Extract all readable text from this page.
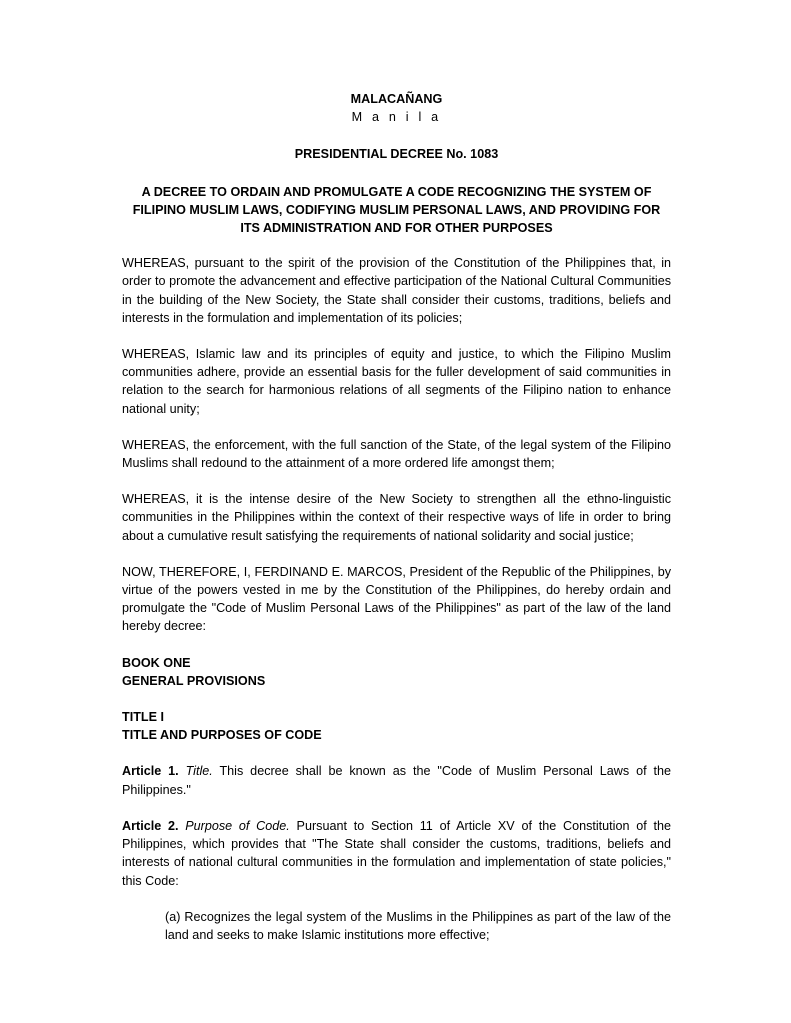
MALACAÑANG

M a n i l a

PRESIDENTIAL DECREE No. 1083

A DECREE TO ORDAIN AND PROMULGATE A CODE RECOGNIZING THE SYSTEM OF FILIPINO MUSLIM LAWS, CODIFYING MUSLIM PERSONAL LAWS, AND PROVIDING FOR ITS ADMINISTRATION AND FOR OTHER PURPOSES

WHEREAS, pursuant to the spirit of the provision of the Constitution of the Philippines that, in order to promote the advancement and effective participation of the National Cultural Communities in the building of the New Society, the State shall consider their customs, traditions, beliefs and interests in the formulation and implementation of its policies;

WHEREAS, Islamic law and its principles of equity and justice, to which the Filipino Muslim communities adhere, provide an essential basis for the fuller development of said communities in relation to the search for harmonious relations of all segments of the Filipino nation to enhance national unity;

WHEREAS, the enforcement, with the full sanction of the State, of the legal system of the Filipino Muslims shall redound to the attainment of a more ordered life amongst them;

WHEREAS, it is the intense desire of the New Society to strengthen all the ethno-linguistic communities in the Philippines within the context of their respective ways of life in order to bring about a cumulative result satisfying the requirements of national solidarity and social justice;

NOW, THEREFORE, I, FERDINAND E. MARCOS, President of the Republic of the Philippines, by virtue of the powers vested in me by the Constitution of the Philippines, do hereby ordain and promulgate the "Code of Muslim Personal Laws of the Philippines" as part of the law of the land hereby decree:

BOOK ONE

GENERAL PROVISIONS

TITLE I

TITLE AND PURPOSES OF CODE

Article 1. Title. This decree shall be known as the "Code of Muslim Personal Laws of the Philippines."

Article 2. Purpose of Code. Pursuant to Section 11 of Article XV of the Constitution of the Philippines, which provides that "The State shall consider the customs, traditions, beliefs and interests of national cultural communities in the formulation and implementation of state policies," this Code:

(a) Recognizes the legal system of the Muslims in the Philippines as part of the law of the land and seeks to make Islamic institutions more effective;
